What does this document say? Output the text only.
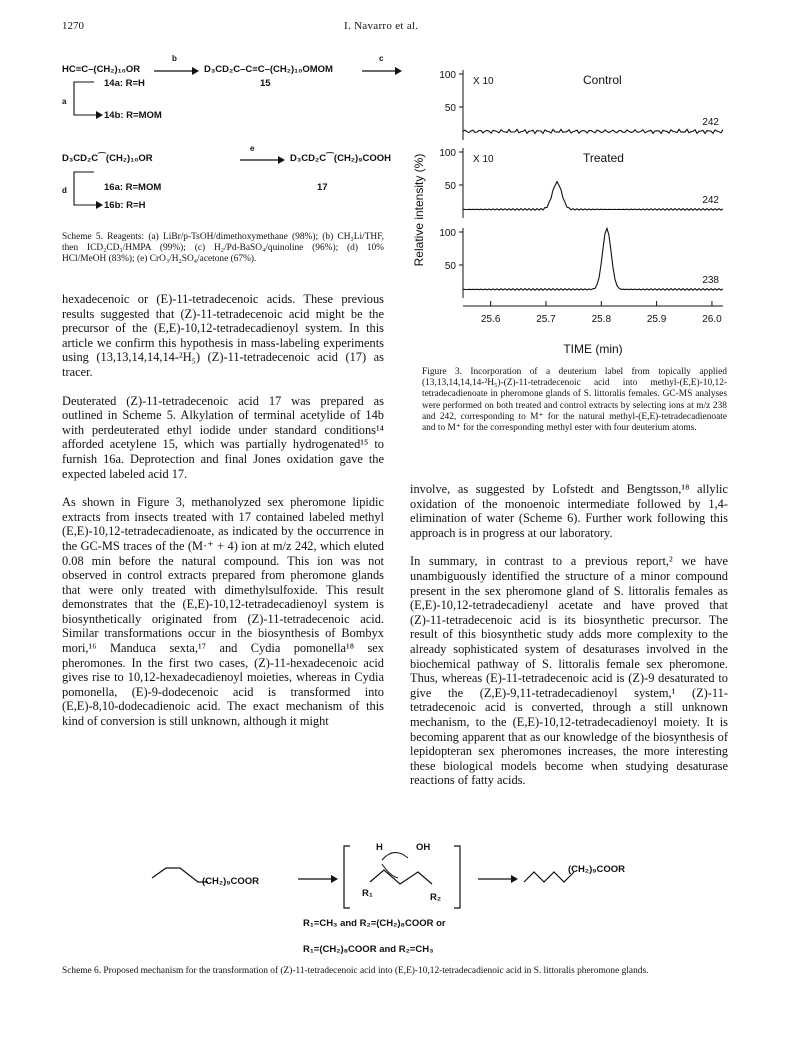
1270	I. Navarro et al.
HC≡C–(CH₂)₁₀OR
b
D₃CD₂C–C≡C–(CH₂)₁₀OMOM
c
15
a
14a: R=H
14b: R=MOM
D₃CD₂C⁀(CH₂)₁₀OR
e
D₃CD₂C⁀(CH₂)₉COOH
17
d	16a: R=MOM
16b: R=H
Scheme 5. Reagents: (a) LiBr/p-TsOH/dimethoxymethane (98%); (b) CH₃Li/THF, then ICD₂CD₃/HMPA (99%); (c) H₂/Pd-BaSO₄/quinoline (96%); (d) 10% HCl/MeOH (83%); (e) CrO₃/H₂SO₄/acetone (67%).	Relative intensity (%)
100
50
X 10	Control
242
100
50
X 10	Treated
242
100
50
238
25.6	25.7	25.8	25.9	26.0
TIME (min)
Figure 3. Incorporation of a deuterium label from topically applied (13,13,14,14,14-²H₅)-(Z)-11-tetradecenoic acid into methyl-(E,E)-10,12-tetradecadienoate in pheromone glands of S. littoralis females. GC-MS analyses were performed on both treated and control extracts by selecting ions at m/z 238 and 242, corresponding to M⁺ for the natural methyl-(E,E)-tetradecadienoate and to M⁺ for the corresponding methyl ester with four deuterium atoms.

hexadecenoic or (E)-11-tetradecenoic acids. These previous results suggested that (Z)-11-tetradecenoic acid might be the precursor of the (E,E)-10,12-tetradecadienoyl system. In this article we confirm this hypothesis in mass-labeling experiments using (13,13,14,14,14-²H₅) (Z)-11-tetradecenoic acid (17) as tracer.

Deuterated (Z)-11-tetradecenoic acid 17 was prepared as outlined in Scheme 5. Alkylation of terminal acetylide of 14b with perdeuterated ethyl iodide under standard conditions¹⁴ afforded acetylene 15, which was partially hydrogenated¹⁵ to furnish 16a. Deprotection and final Jones oxidation gave the expected labeled acid 17.

As shown in Figure 3, methanolyzed sex pheromone lipidic extracts from insects treated with 17 contained labeled methyl (E,E)-10,12-tetradecadienoate, as indicated by the occurrence in the GC-MS traces of the (M·⁺ + 4) ion at m/z 242, which eluted 0.08 min before the natural compound. This ion was not observed in control extracts prepared from pheromone glands that were only treated with dimethylsulfoxide. This result demonstrates that the (E,E)-10,12-tetradecadienoyl system is biosynthetically originated from (Z)-11-tetradecenoic acid. Similar transformations occur in the biosynthesis of Bombyx mori,¹⁶ Manduca sexta,¹⁷ and Cydia pomonella¹⁸ sex pheromones. In the first two cases, (Z)-11-hexadecenoic acid gives rise to 10,12-hexadecadienoyl moieties, whereas in Cydia pomonella, (E)-9-dodecenoic acid is transformed into (E,E)-8,10-dodecadienoic acid. The exact mechanism of this kind of conversion is still unknown, although it might

involve, as suggested by Lofstedt and Bengtsson,¹⁸ allylic oxidation of the monoenoic intermediate followed by 1,4-elimination of water (Scheme 6). Further work following this approach is in progress at our laboratory.

In summary, in contrast to a previous report,² we have unambiguously identified the structure of a minor compound present in the sex pheromone gland of S. littoralis females as (E,E)-10,12-tetradecadienyl acetate and have proved that (Z)-11-tetradecenoic acid is its biosynthetic precursor. The result of this biosynthetic study adds more complexity to the already sophisticated system of desaturases involved in the biochemical pathway of S. littoralis female sex pheromone. Thus, whereas (E)-11-tetradecenoic acid is (Z)-9 desaturated to give the (Z,E)-9,11-tetradecadienoyl system,¹ (Z)-11-tetradecenoic acid is converted, through a still unknown mechanism, to the (E,E)-10,12-tetradecadienoyl moiety. It is becoming apparent that as our knowledge of the biosynthesis of lepidopteran sex pheromones increases, the more interesting these biological models become when studying desaturase reactions of fatty acids.

(CH₂)₉COOR
H	OH
R₁	R₂
(CH₂)₉COOR
R₁=CH₃ and R₂=(CH₂)₈COOR or
R₁=(CH₂)₈COOR and R₂=CH₃
Scheme 6. Proposed mechanism for the transformation of (Z)-11-tetradecenoic acid into (E,E)-10,12-tetradecadienoic acid in S. littoralis pheromone glands.
